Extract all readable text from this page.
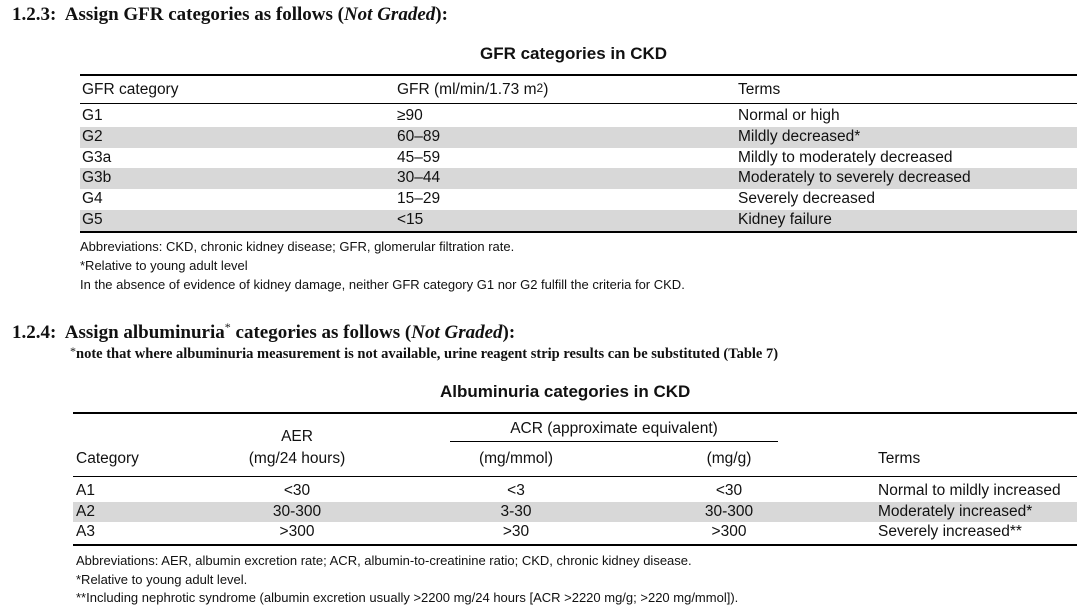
1.2.3: Assign GFR categories as follows (Not Graded):
GFR categories in CKD
GFR category	GFR (ml/min/1.73 $m^2$)	Terms
G1	≥90	Normal or high
G2	60–89	Mildly decreased*
G3a	45–59	Mildly to moderately decreased
G3b	30–44	Moderately to severely decreased
G4	15–29	Severely decreased
G5	<15	Kidney failure
Abbreviations: CKD, chronic kidney disease; GFR, glomerular filtration rate.
*Relative to young adult level
In the absence of evidence of kidney damage, neither GFR category G1 nor G2 fulfill the criteria for CKD.
1.2.4: Assign albuminuria* categories as follows (Not Graded):
*note that where albuminuria measurement is not available, urine reagent strip results can be substituted (Table 7)
Albuminuria categories in CKD
AER	ACR (approximate equivalent)
Category	(mg/24 hours)	(mg/mmol)	(mg/g)	Terms
A1	<30	<3	<30	Normal to mildly increased
A2	30-300	3-30	30-300	Moderately increased*
A3	>300	>30	>300	Severely increased**
Abbreviations: AER, albumin excretion rate; ACR, albumin-to-creatinine ratio; CKD, chronic kidney disease.
*Relative to young adult level.
**Including nephrotic syndrome (albumin excretion usually >2200 mg/24 hours [ACR >2220 mg/g; >220 mg/mmol]).
